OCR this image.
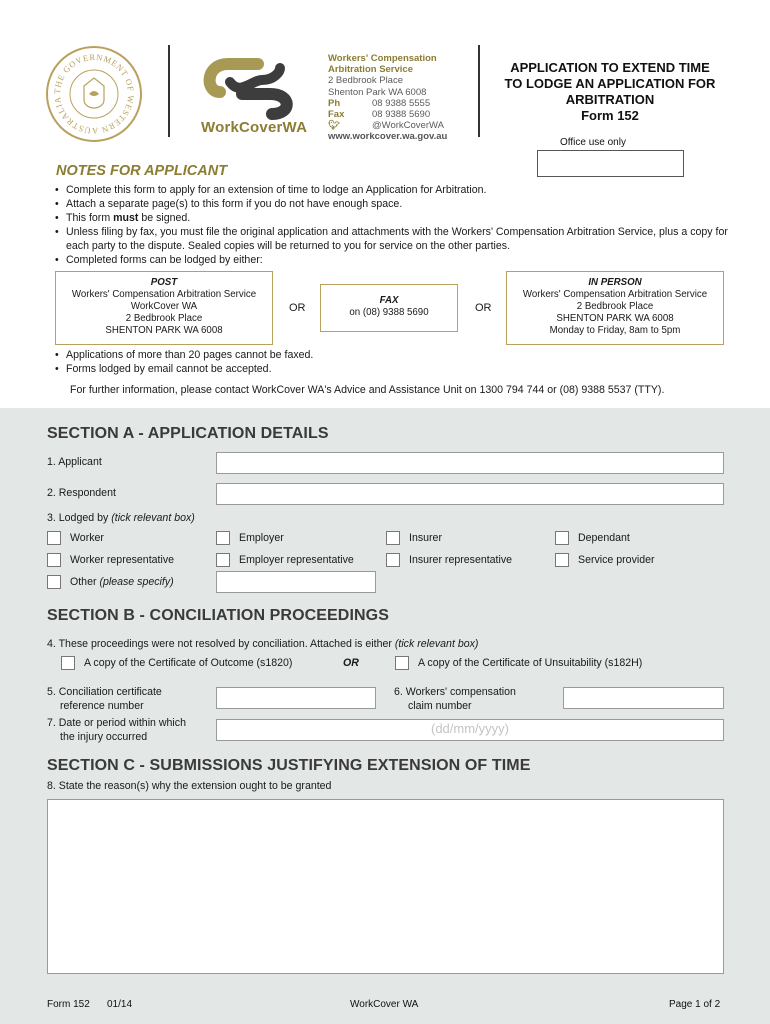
THE GOVERNMENT OF WESTERN AUSTRALIA
WorkCoverWA
Workers' Compensation
Arbitration Service
2 Bedbrook Place
Shenton Park WA 6008
Ph	08 9388 5555
Fax	08 9388 5690
🐦︎	@WorkCoverWA
www.workcover.wa.gov.au
APPLICATION TO EXTEND TIME
TO LODGE AN APPLICATION FOR
ARBITRATION
Form 152
Office use only
NOTES FOR APPLICANT
• Complete this form to apply for an extension of time to lodge an Application for Arbitration.
• Attach a separate page(s) to this form if you do not have enough space.
• This form must be signed.
• Unless filing by fax, you must file the original application and attachments with the Workers' Compensation Arbitration Service, plus a copy for each party to the dispute. Sealed copies will be returned to you for service on the other parties.
• Completed forms can be lodged by either:
POST
Workers' Compensation Arbitration Service
WorkCover WA
2 Bedbrook Place
SHENTON PARK WA 6008
OR
FAX
on (08) 9388 5690	OR
IN PERSON
Workers' Compensation Arbitration Service
2 Bedbrook Place
SHENTON PARK WA 6008
Monday to Friday, 8am to 5pm
• Applications of more than 20 pages cannot be faxed.
• Forms lodged by email cannot be accepted.
For further information, please contact WorkCover WA's Advice and Assistance Unit on 1300 794 744 or (08) 9388 5537 (TTY).
SECTION A - APPLICATION DETAILS
1. Applicant
2. Respondent
3. Lodged by (tick relevant box)
Worker	Employer	Insurer	Dependant
Worker representative	Employer representative	Insurer representative	Service provider
Other (please specify)
SECTION B - CONCILIATION PROCEEDINGS
4. These proceedings were not resolved by conciliation. Attached is either (tick relevant box)
A copy of the Certificate of Outcome (s1820)	OR	A copy of the Certificate of Unsuitability (s182H)
5. Conciliation certificate
reference number
6. Workers' compensation
claim number
7. Date or period within which
the injury occurred
(dd/mm/yyyy)
SECTION C - SUBMISSIONS JUSTIFYING EXTENSION OF TIME
8. State the reason(s) why the extension ought to be granted
Form 152 01/14	WorkCover WA	Page 1 of 2
